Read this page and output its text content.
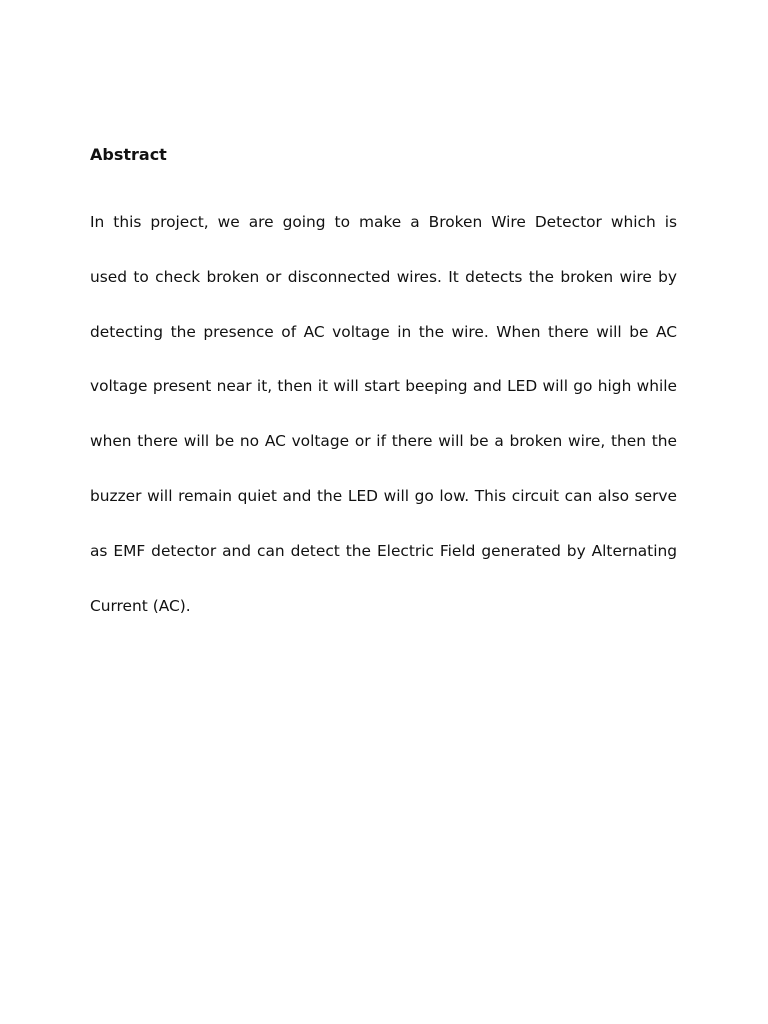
Abstract
In this project, we are going to make a Broken Wire Detector which is
used to check broken or disconnected wires. It detects the broken wire by
detecting the presence of AC voltage in the wire. When there will be AC
voltage present near it, then it will start beeping and LED will go high while
when there will be no AC voltage or if there will be a broken wire, then the
buzzer will remain quiet and the LED will go low. This circuit can also serve
as EMF detector and can detect the Electric Field generated by Alternating
Current (AC).
